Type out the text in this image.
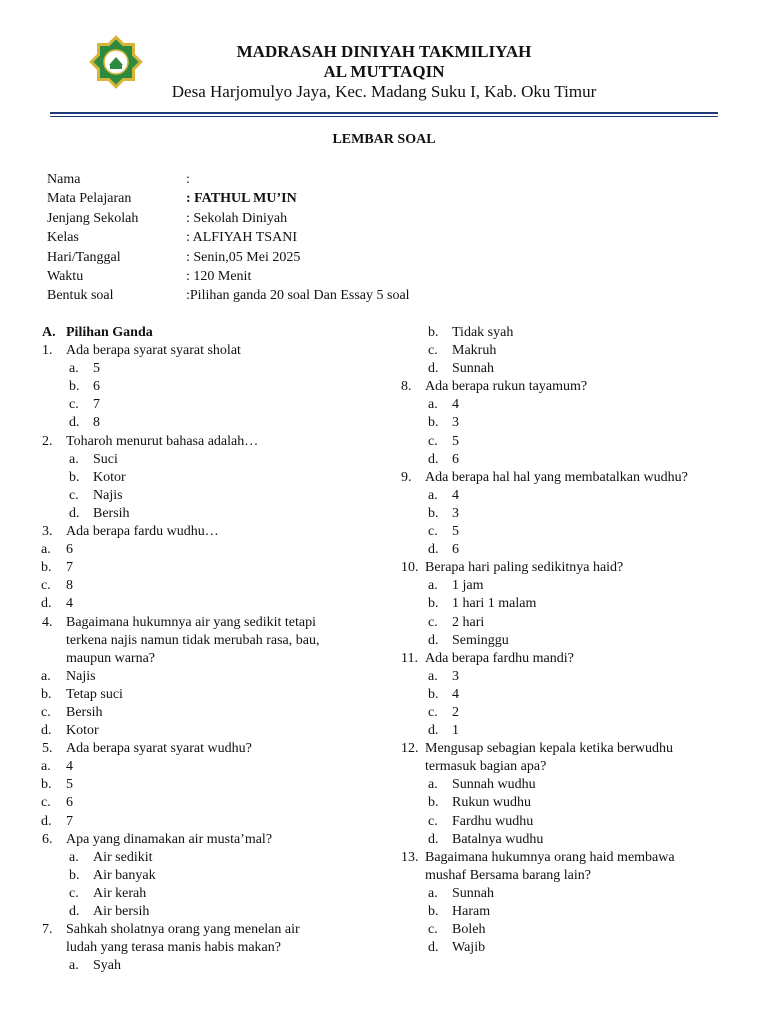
MADRASAH DINIYAH TAKMILIYAH
AL MUTTAQIN
Desa Harjomulyo Jaya, Kec. Madang Suku I, Kab. Oku Timur
LEMBAR SOAL
Nama	:
Mata Pelajaran	: FATHUL MU’IN
Jenjang Sekolah	: Sekolah Diniyah
Kelas	: ALFIYAH TSANI
Hari/Tanggal	: Senin,05 Mei 2025
Waktu	: 120 Menit
Bentuk soal	:Pilihan ganda 20 soal Dan Essay 5 soal
A. Pilihan Ganda
1. Ada berapa syarat syarat sholat
a. 5
b. 6
c. 7
d. 8
2. Toharoh menurut bahasa adalah…
a. Suci
b. Kotor
c. Najis
d. Bersih
3. Ada berapa fardu wudhu…
a. 6
b. 7
c. 8
d. 4
4. Bagaimana hukumnya air yang sedikit tetapi
terkena najis namun tidak merubah rasa, bau,
maupun warna?
a. Najis
b. Tetap suci
c. Bersih
d. Kotor
5. Ada berapa syarat syarat wudhu?
a. 4
b. 5
c. 6
d. 7
6. Apa yang dinamakan air musta’mal?
a. Air sedikit
b. Air banyak
c. Air kerah
d. Air bersih
7. Sahkah sholatnya orang yang menelan air
ludah yang terasa manis habis makan?
a. Syah
b. Tidak syah
c. Makruh
d. Sunnah
8. Ada berapa rukun tayamum?
a. 4
b. 3
c. 5
d. 6
9. Ada berapa hal hal yang membatalkan wudhu?
a. 4
b. 3
c. 5
d. 6
10. Berapa hari paling sedikitnya haid?
a. 1 jam
b. 1 hari 1 malam
c. 2 hari
d. Seminggu
11. Ada berapa fardhu mandi?
a. 3
b. 4
c. 2
d. 1
12. Mengusap sebagian kepala ketika berwudhu
termasuk bagian apa?
a. Sunnah wudhu
b. Rukun wudhu
c. Fardhu wudhu
d. Batalnya wudhu
13. Bagaimana hukumnya orang haid membawa
mushaf Bersama barang lain?
a. Sunnah
b. Haram
c. Boleh
d. Wajib
